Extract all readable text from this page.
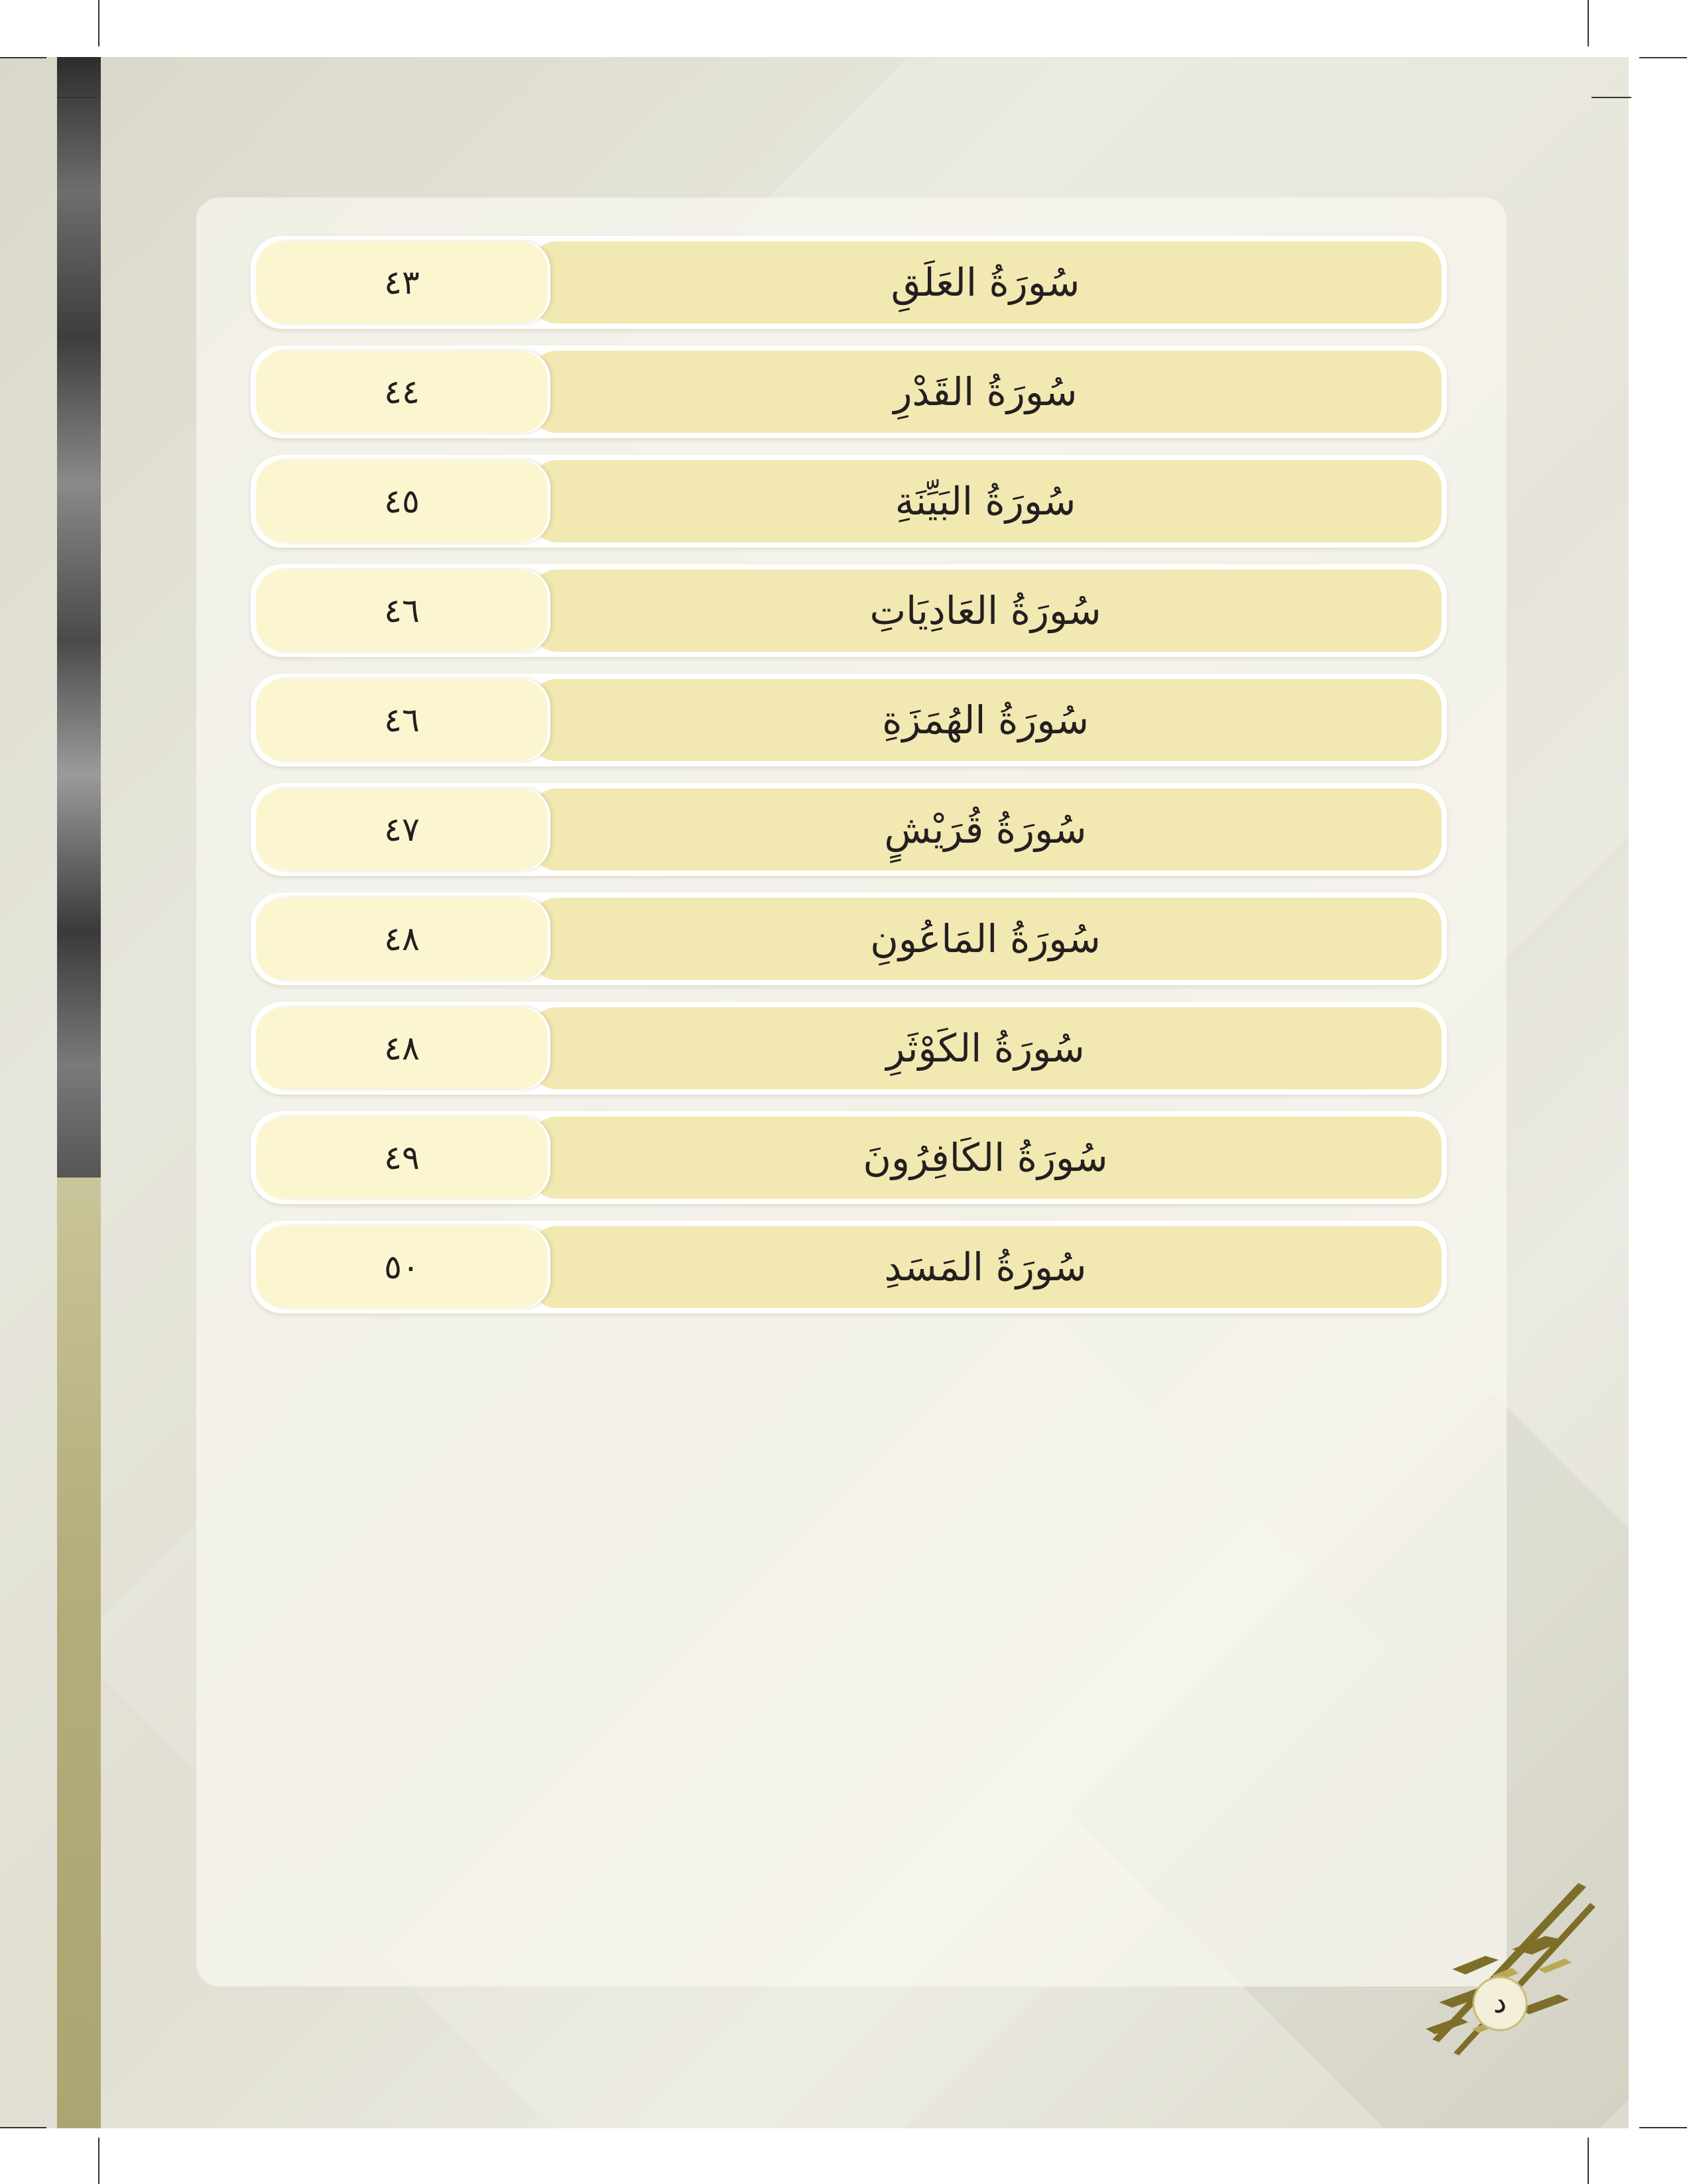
سُورَةُ العَلَقِ
٤٣
سُورَةُ القَدْرِ
٤٤
سُورَةُ البَيِّنَةِ
٤٥
سُورَةُ العَادِيَاتِ
٤٦
سُورَةُ الهُمَزَةِ
٤٦
سُورَةُ قُرَيْشٍ
٤٧
سُورَةُ المَاعُونِ
٤٨
سُورَةُ الكَوْثَرِ
٤٨
سُورَةُ الكَافِرُونَ
٤٩
سُورَةُ المَسَدِ
٥٠
د
